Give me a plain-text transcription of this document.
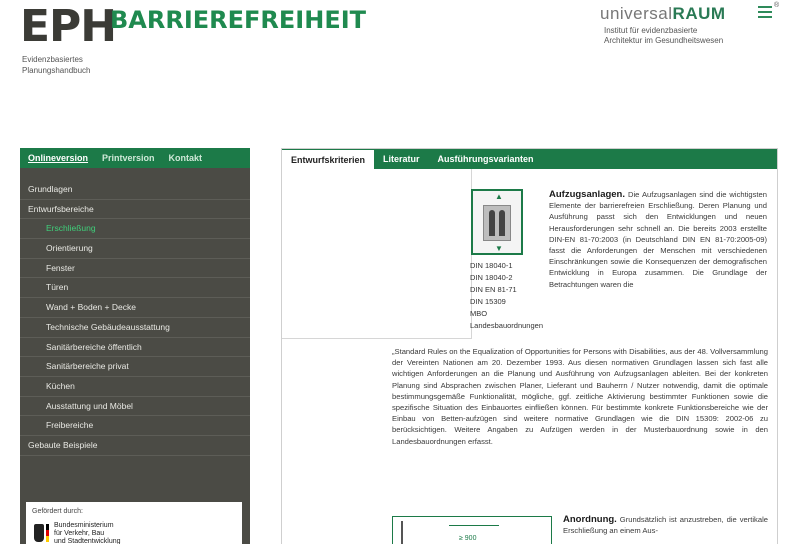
EPH
BARRIEREFREIHEIT
Evidenzbasiertes
Planungshandbuch
universalRAUM	®
Institut für evidenzbasierte
Architektur im Gesundheitswesen
Onlineversion Printversion Kontakt
Grundlagen
Entwurfsbereiche
Erschließung
Orientierung
Fenster
Türen
Wand + Boden + Decke
Technische Gebäudeausstattung
Sanitärbereiche öffentlich
Sanitärbereiche privat
Küchen
Ausstattung und Möbel
Freibereiche
Gebaute Beispiele
Gefördert durch:
Bundesministerium
für Verkehr, Bau
und Stadtentwicklung
Entwurfskriterien	Literatur	Ausführungsvarianten
▲
▼
DIN 18040-1
DIN 18040-2
DIN EN 81-71
DIN 15309
MBO
Landesbauordnungen
Aufzugsanlagen. Die Aufzugsanlagen sind die wichtigsten Elemente der barrierefreien Erschließung. Deren Planung und Ausführung passt sich den Entwicklungen und neuen Herausforderungen sehr schnell an. Die bereits 2003 erstellte DIN-EN 81-70:2003 (in Deutschland DIN EN 81-70:2005-09) fasst die Anforderungen der Menschen mit verschiedenen Einschränkungen sowie die Konsequenzen der demografischen Entwicklung in Europa zusammen. Die Grundlage der Betrachtungen waren die
„Standard Rules on the Equalization of Opportunities for Persons with Disabilities, aus der 48. Vollversammlung der Vereinten Nationen am 20. Dezember 1993. Aus diesen normativen Grundlagen lassen sich fast alle wichtigen Anforderungen an die Planung und Ausführung von Aufzugsanlagen ableiten. Bei der konkreten Planung sind Absprachen zwischen Planer, Lieferant und Bauherrn / Nutzer notwendig, damit die optimale bestimmungsgemäße Funktionalität, mögliche, ggf. zeitliche Aktivierung bestimmter Funktionen sowie die spezifische Situation des Einbauortes einfließen können. Für bestimmte konkrete Funktionsbereiche wie der Einbau von Betten-aufzügen sind weitere normative Grundlagen wie die DIN 15309: 2002-06 zu berücksichtigen. Weitere Angaben zu Aufzügen werden in der Musterbauordnung sowie in den Landesbauordnungen erfasst.
≥ 900
Anordnung. Grundsätzlich ist anzustreben, die vertikale Erschließung an einem Aus-
